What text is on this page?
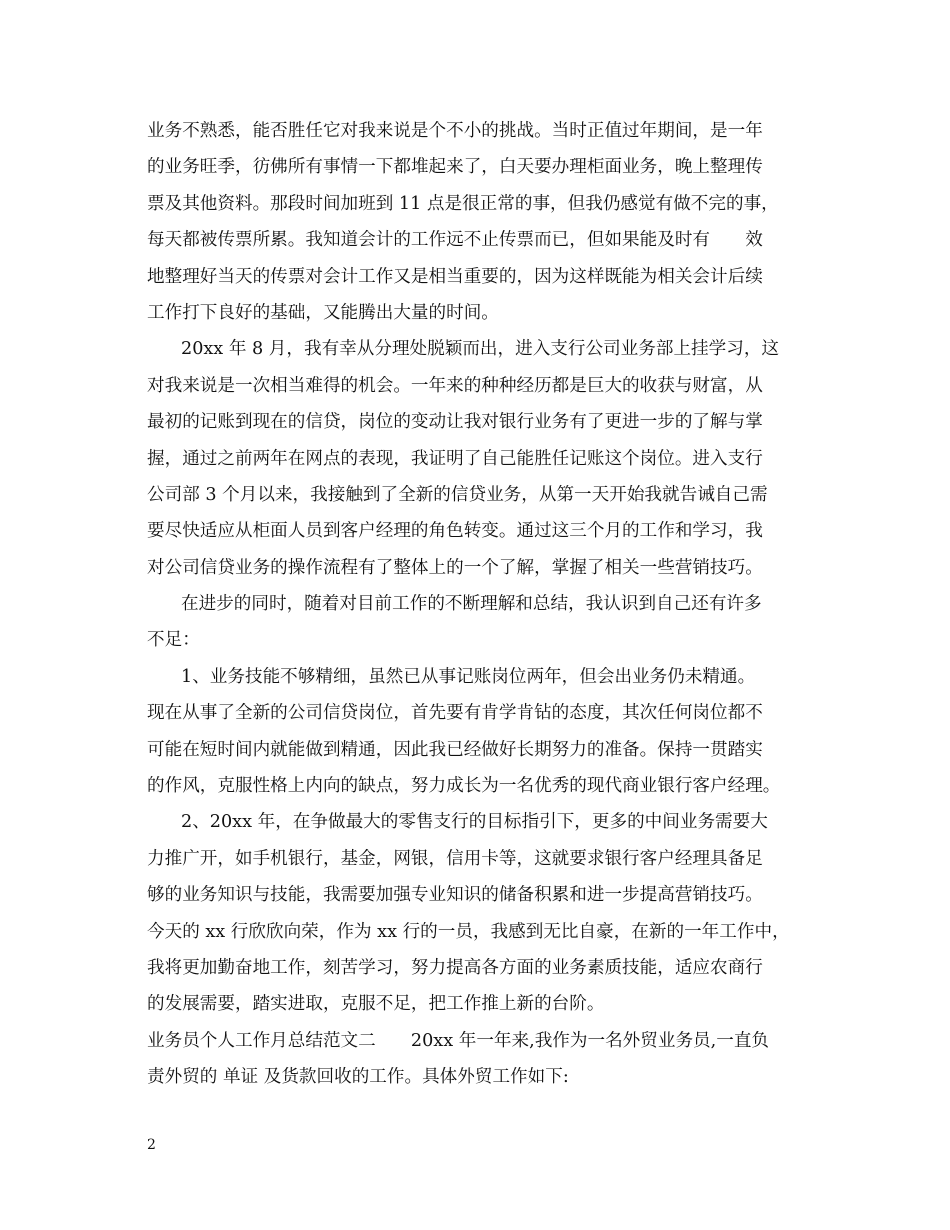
业务不熟悉，能否胜任它对我来说是个不小的挑战。当时正值过年期间，是一年
的业务旺季，彷佛所有事情一下都堆起来了，白天要办理柜面业务，晚上整理传
票及其他资料。那段时间加班到 11 点是很正常的事，但我仍感觉有做不完的事，
每天都被传票所累。我知道会计的工作远不止传票而已，但如果能及时有　　效
地整理好当天的传票对会计工作又是相当重要的，因为这样既能为相关会计后续
工作打下良好的基础，又能腾出大量的时间。
20xx 年 8 月，我有幸从分理处脱颖而出，进入支行公司业务部上挂学习，这
对我来说是一次相当难得的机会。一年来的种种经历都是巨大的收获与财富，从
最初的记账到现在的信贷，岗位的变动让我对银行业务有了更进一步的了解与掌
握，通过之前两年在网点的表现，我证明了自己能胜任记账这个岗位。进入支行
公司部 3 个月以来，我接触到了全新的信贷业务，从第一天开始我就告诫自己需
要尽快适应从柜面人员到客户经理的角色转变。通过这三个月的工作和学习，我
对公司信贷业务的操作流程有了整体上的一个了解，掌握了相关一些营销技巧。
在进步的同时，随着对目前工作的不断理解和总结，我认识到自己还有许多
不足：
1、业务技能不够精细，虽然已从事记账岗位两年，但会出业务仍未精通。
现在从事了全新的公司信贷岗位，首先要有肯学肯钻的态度，其次任何岗位都不
可能在短时间内就能做到精通，因此我已经做好长期努力的准备。保持一贯踏实
的作风，克服性格上内向的缺点，努力成长为一名优秀的现代商业银行客户经理。
2、20xx 年，在争做最大的零售支行的目标指引下，更多的中间业务需要大
力推广开，如手机银行，基金，网银，信用卡等，这就要求银行客户经理具备足
够的业务知识与技能，我需要加强专业知识的储备积累和进一步提高营销技巧。
今天的 xx 行欣欣向荣，作为 xx 行的一员，我感到无比自豪，在新的一年工作中，
我将更加勤奋地工作，刻苦学习，努力提高各方面的业务素质技能，适应农商行
的发展需要，踏实进取，克服不足，把工作推上新的台阶。
业务员个人工作月总结范文二　　20xx 年一年来,我作为一名外贸业务员,一直负
责外贸的 单证 及货款回收的工作。具体外贸工作如下:
2
